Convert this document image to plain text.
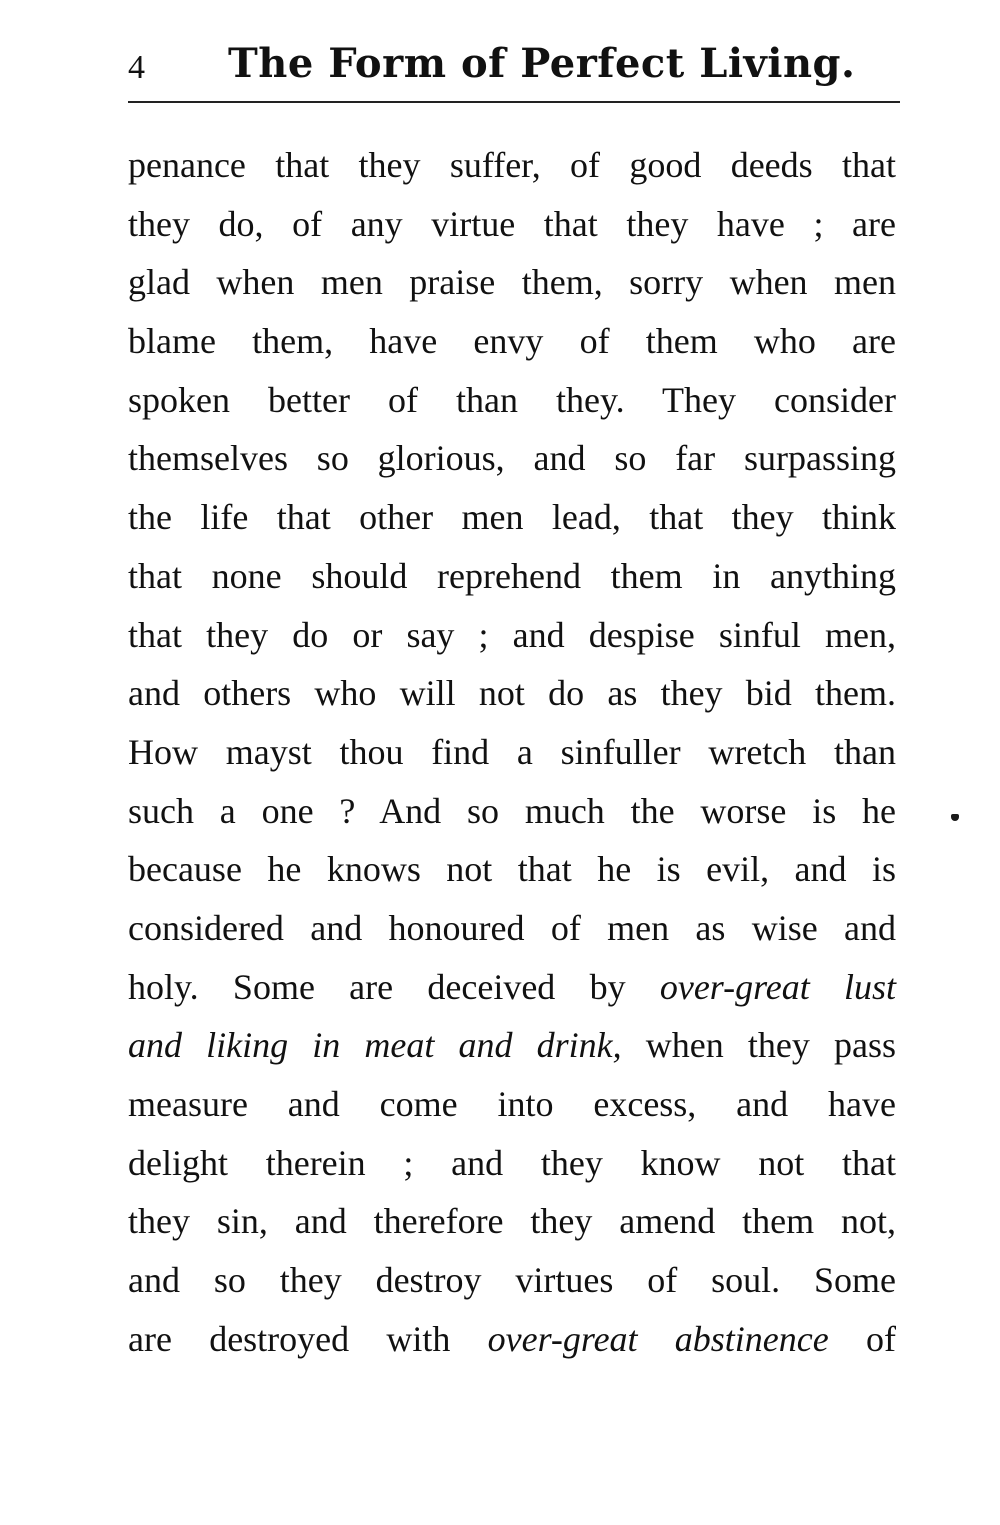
4 The Form of Perfect Living.
penance that they suffer, of good deeds that
they do, of any virtue that they have ; are
glad when men praise them, sorry when men
blame them, have envy of them who are
spoken better of than they. They consider
themselves so glorious, and so far surpassing
the life that other men lead, that they think
that none should reprehend them in anything
that they do or say ; and despise sinful men,
and others who will not do as they bid them.
How mayst thou find a sinfuller wretch than
such a one ? And so much the worse is he
because he knows not that he is evil, and is
considered and honoured of men as wise and
holy. Some are deceived by over-great lust
and liking in meat and drink, when they pass
measure and come into excess, and have
delight therein ; and they know not that
they sin, and therefore they amend them not,
and so they destroy virtues of soul. Some
are destroyed with over-great abstinence of
